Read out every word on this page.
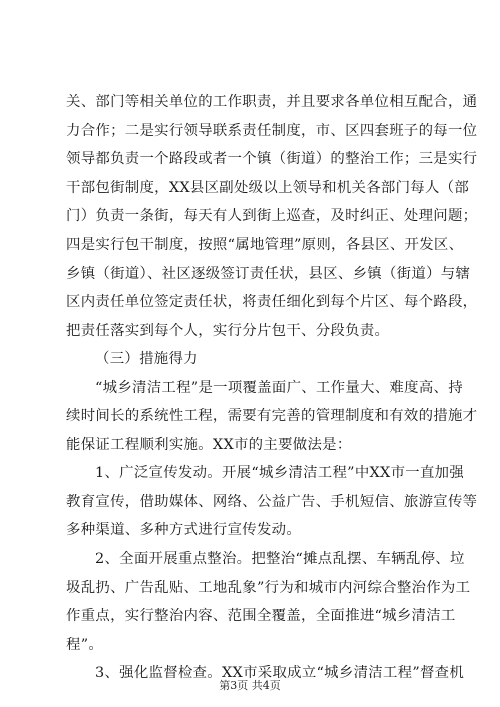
关、部门等相关单位的工作职责，并且要求各单位相互配合，通
力合作；二是实行领导联系责任制度，市、区四套班子的每一位
领导都负责一个路段或者一个镇（街道）的整治工作；三是实行
干部包街制度，XX县区副处级以上领导和机关各部门每人（部
门）负责一条街，每天有人到街上巡查，及时纠正、处理问题；
四是实行包干制度，按照“属地管理”原则，各县区、开发区、
乡镇（街道）、社区逐级签订责任状，县区、乡镇（街道）与辖
区内责任单位签定责任状，将责任细化到每个片区、每个路段，
把责任落实到每个人，实行分片包干、分段负责。
（三）措施得力
“城乡清洁工程”是一项覆盖面广、工作量大、难度高、持
续时间长的系统性工程，需要有完善的管理制度和有效的措施才
能保证工程顺利实施。XX市的主要做法是：
1、广泛宣传发动。开展“城乡清洁工程”中XX市一直加强
教育宣传，借助媒体、网络、公益广告、手机短信、旅游宣传等
多种渠道、多种方式进行宣传发动。
2、全面开展重点整治。把整治“摊点乱摆、车辆乱停、垃
圾乱扔、广告乱贴、工地乱象”行为和城市内河综合整治作为工
作重点，实行整治内容、范围全覆盖，全面推进“城乡清洁工
程”。
第3页 共4页
3、强化监督检查。XX市采取成立“城乡清洁工程”督查机
